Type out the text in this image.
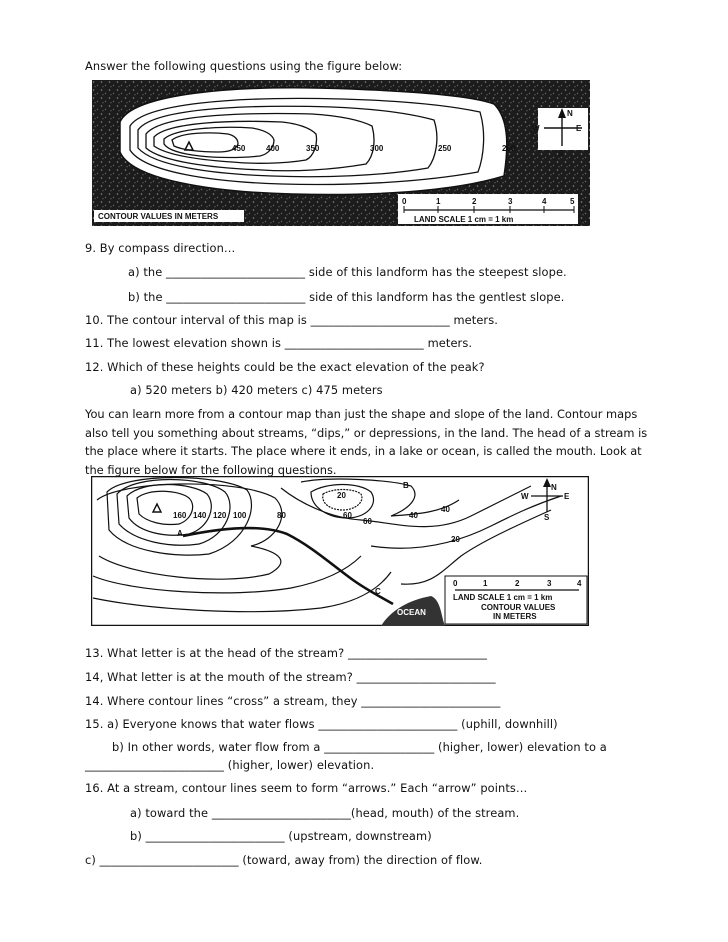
Answer the following questions using the figure below:
450	400	350	300	250	200
N
W	E
S
CONTOUR VALUES IN METERS
0	1	2	3	4	5
LAND SCALE 1 cm = 1 km
9. By compass direction…
a) the ________________________ side of this landform has the steepest slope.
b) the ________________________ side of this landform has the gentlest slope.
10. The contour interval of this map is ________________________ meters.
11. The lowest elevation shown is ________________________ meters.
12. Which of these heights could be the exact elevation of the peak?
a) 520 meters b) 420 meters c) 475 meters
You can learn more from a contour map than just the shape and slope of the land. Contour maps also tell you something about streams, “dips,” or depressions, in the land. The head of a stream is the place where it starts. The place where it ends, in a lake or ocean, is called the mouth. Look at the figure below for the following questions.
OCEAN
160 140 120 100	80	60	40
20
20
60
40
A
B
C
N
W	E
S
0	1	2	3	4
LAND SCALE 1 cm = 1 km
CONTOUR VALUES
IN METERS
13. What letter is at the head of the stream? ________________________
14, What letter is at the mouth of the stream? ________________________
14. Where contour lines “cross” a stream, they ________________________
15. a) Everyone knows that water flows ________________________ (uphill, downhill)
b) In other words, water flow from a ___________________ (higher, lower) elevation to a
________________________ (higher, lower) elevation.
16. At a stream, contour lines seem to form “arrows.” Each “arrow” points…
a) toward the ________________________(head, mouth) of the stream.
b) ________________________ (upstream, downstream)
c) ________________________ (toward, away from) the direction of flow.
